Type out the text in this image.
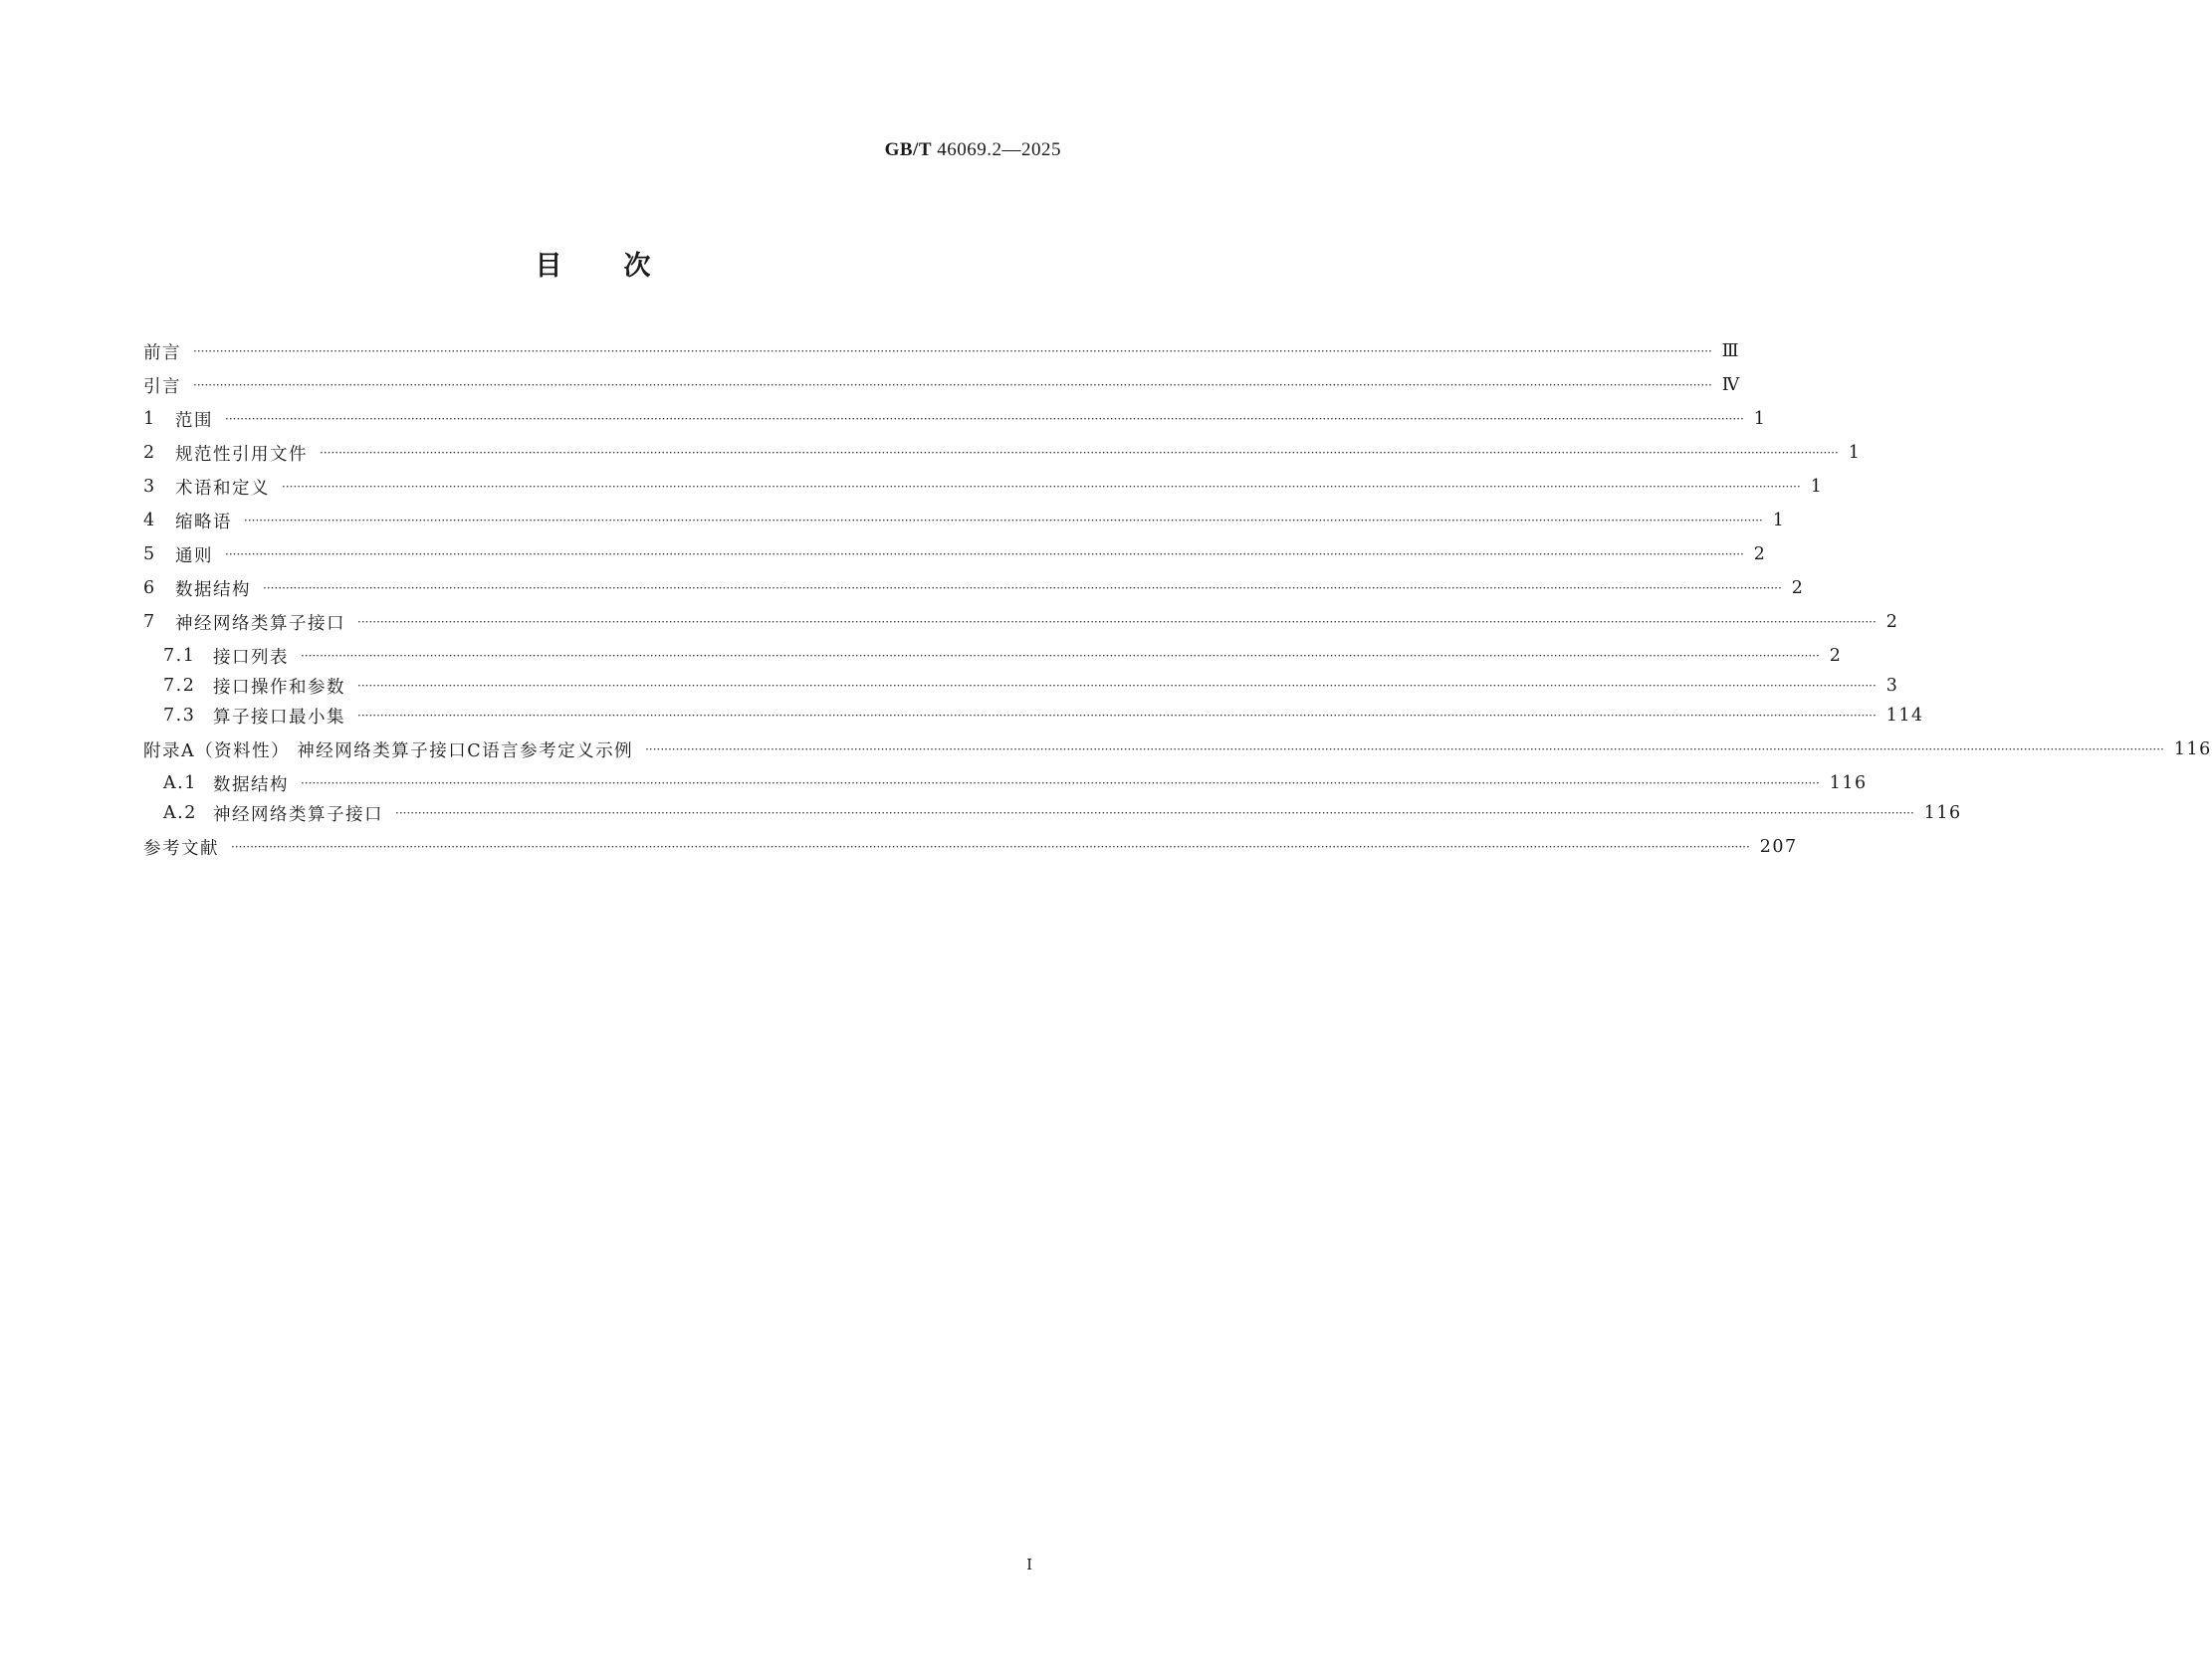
GB/T 46069.2—2025
目次
前言 ················································································································································································································································································································································································································ Ⅲ
引言 ················································································································································································································································································································································································································ Ⅳ
1	范围 ················································································································································································································································································································································································································ 1
2	规范性引用文件 ················································································································································································································································································································································································································ 1
3	术语和定义 ················································································································································································································································································································································································································ 1
4	缩略语 ················································································································································································································································································································································································································ 1
5	通则 ················································································································································································································································································································································································································ 2
6	数据结构 ················································································································································································································································································································································································································ 2
7	神经网络类算子接口 ················································································································································································································································································································································································································ 2
7.1	接口列表 ················································································································································································································································································································································································································ 2
7.2	接口操作和参数 ················································································································································································································································································································································································································ 3
7.3	算子接口最小集 ················································································································································································································································································································································································································ 114
附录A（资料性） 神经网络类算子接口C语言参考定义示例 ················································································································································································································································································································································································································ 116
A.1 数据结构 ················································································································································································································································································································································································································ 116
A.2 神经网络类算子接口 ················································································································································································································································································································································································································ 116
参考文献 ················································································································································································································································································································································································································ 207
Ⅰ
